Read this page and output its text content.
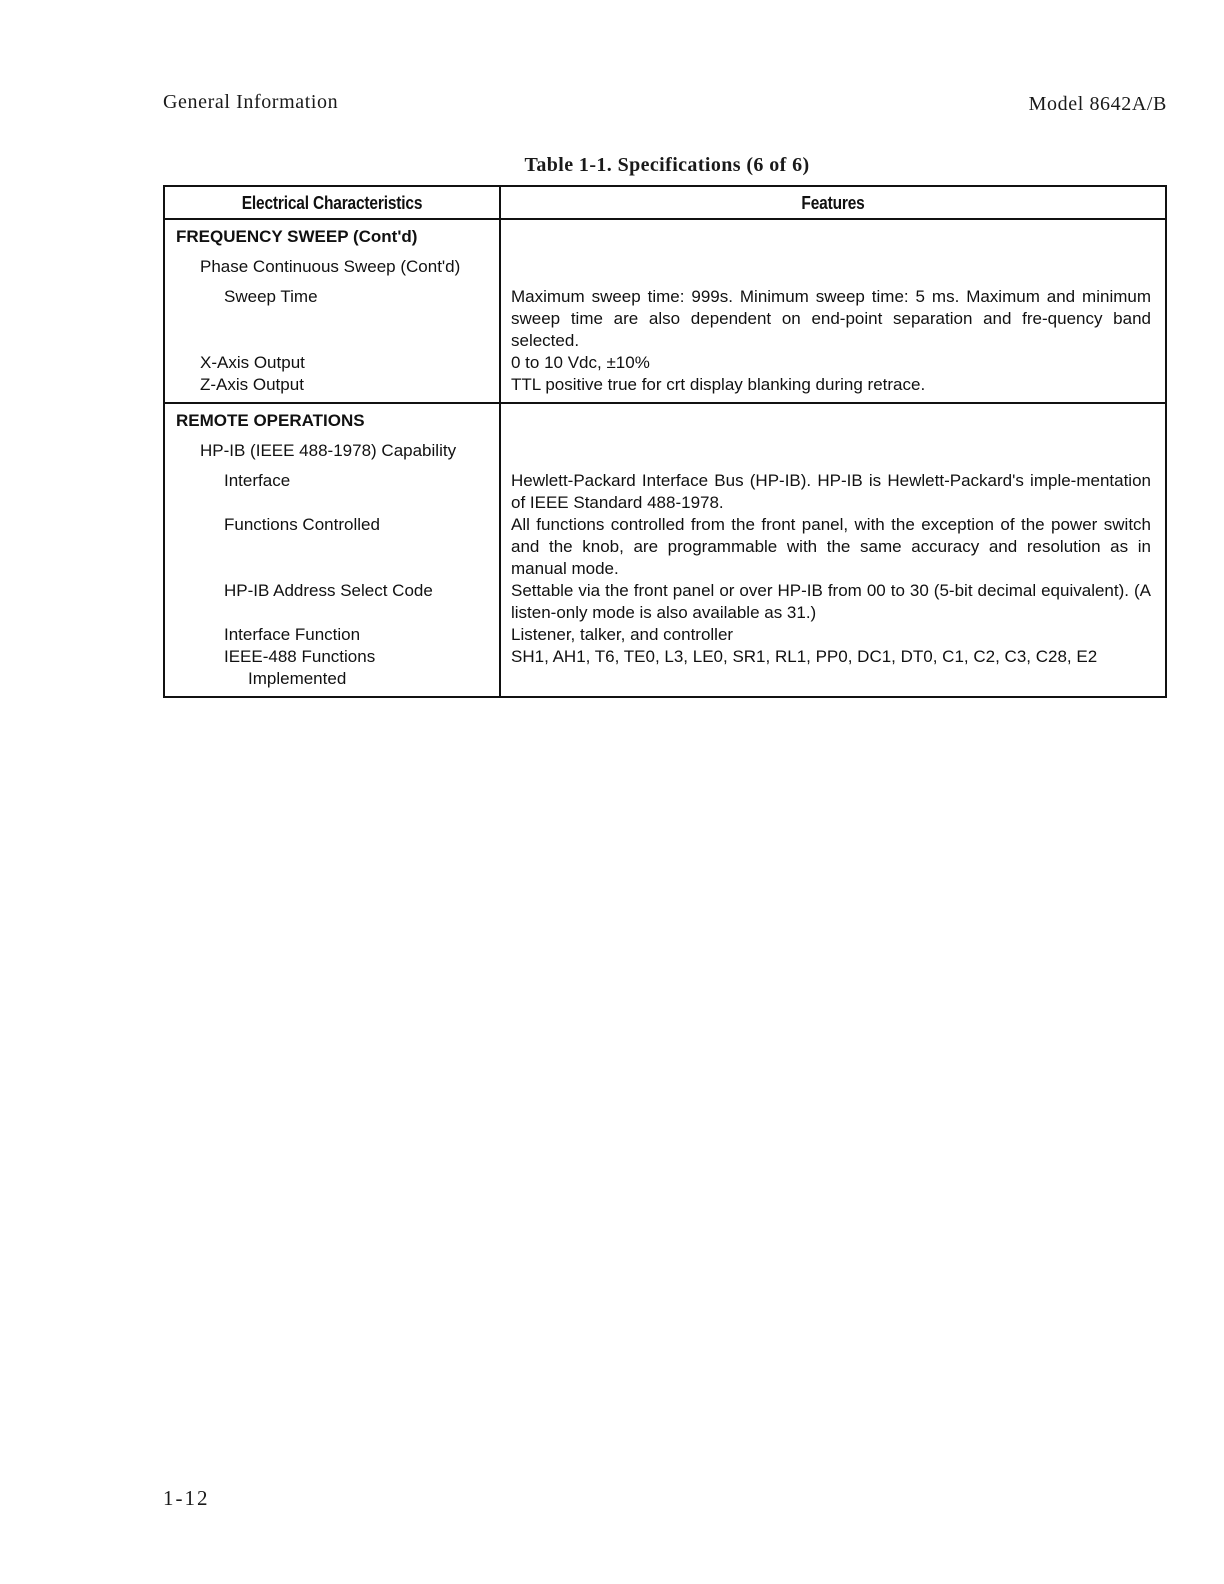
General Information	Model 8642A/B
Table 1-1. Specifications (6 of 6)
Electrical Characteristics	Features

FREQUENCY SWEEP (Cont'd)	

Phase Continuous Sweep (Cont'd)	

Sweep Time	Maximum sweep time: 999s. Minimum sweep time: 5 ms. Maximum and minimum sweep time are also dependent on end-point separation and fre-quency band selected.

X-Axis Output	0 to 10 Vdc, ±10%

Z-Axis Output	TTL positive true for crt display blanking during retrace.

REMOTE OPERATIONS	

HP-IB (IEEE 488-1978) Capability	

Interface	Hewlett-Packard Interface Bus (HP-IB). HP-IB is Hewlett-Packard's imple-mentation of IEEE Standard 488-1978.

Functions Controlled	All functions controlled from the front panel, with the exception of the power switch and the knob, are programmable with the same accuracy and resolution as in manual mode.

HP-IB Address Select Code	Settable via the front panel or over HP-IB from 00 to 30 (5-bit decimal equivalent). (A listen-only mode is also available as 31.)

Interface Function	Listener, talker, and controller

IEEE-488 Functions
Implemented	SH1, AH1, T6, TE0, L3, LE0, SR1, RL1, PP0, DC1, DT0, C1, C2, C3, C28, E2
1-12
